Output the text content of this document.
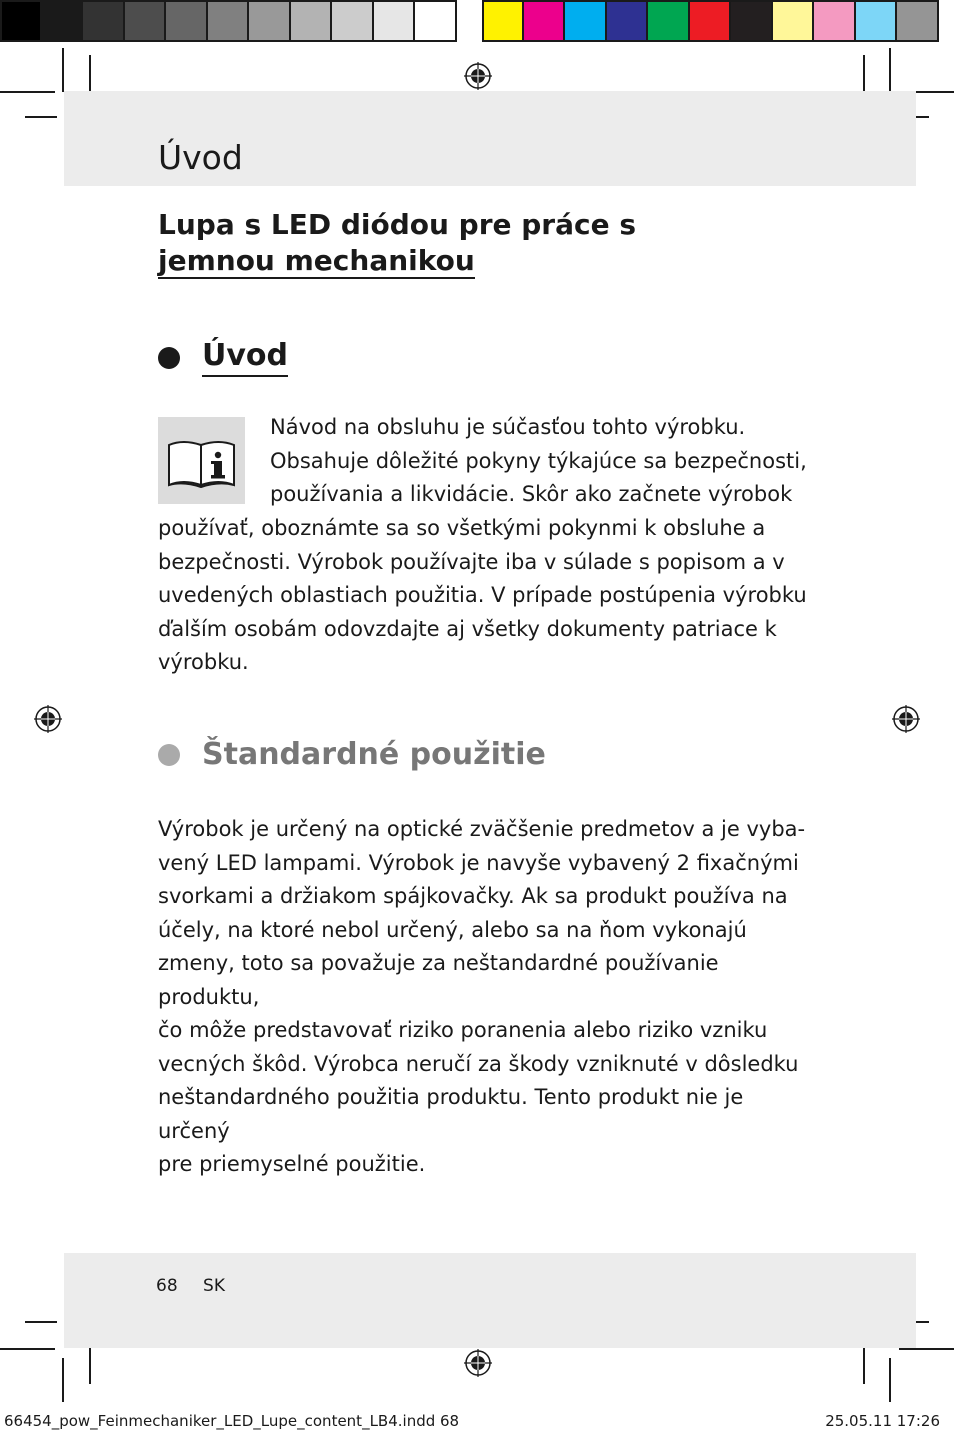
Úvod
Lupa s LED diódou pre práce s
jemnou mechanikou
Úvod
Návod na obsluhu je súčasťou tohto výrobku.
Obsahuje dôležité pokyny týkajúce sa bezpečnosti,
používania a likvidácie. Skôr ako začnete výrobok
používať, oboznámte sa so všetkými pokynmi k obsluhe a
bezpečnosti. Výrobok používajte iba v súlade s popisom a v
uvedených oblastiach použitia. V prípade postúpenia výrobku
ďalším osobám odovzdajte aj všetky dokumenty patriace k
výrobku.
Štandardné použitie
Výrobok je určený na optické zväčšenie predmetov a je vyba-
vený LED lampami. Výrobok je navyše vybavený 2 fixačnými
svorkami a držiakom spájkovačky. Ak sa produkt používa na
účely, na ktoré nebol určený, alebo sa na ňom vykonajú
zmeny, toto sa považuje za neštandardné používanie produktu,
čo môže predstavovať riziko poranenia alebo riziko vzniku
vecných škôd. Výrobca neručí za škody vzniknuté v dôsledku
neštandardného použitia produktu. Tento produkt nie je určený
pre priemyselné použitie.
68 SK
66454_pow_Feinmechaniker_LED_Lupe_content_LB4.indd 68	25.05.11 17:26
